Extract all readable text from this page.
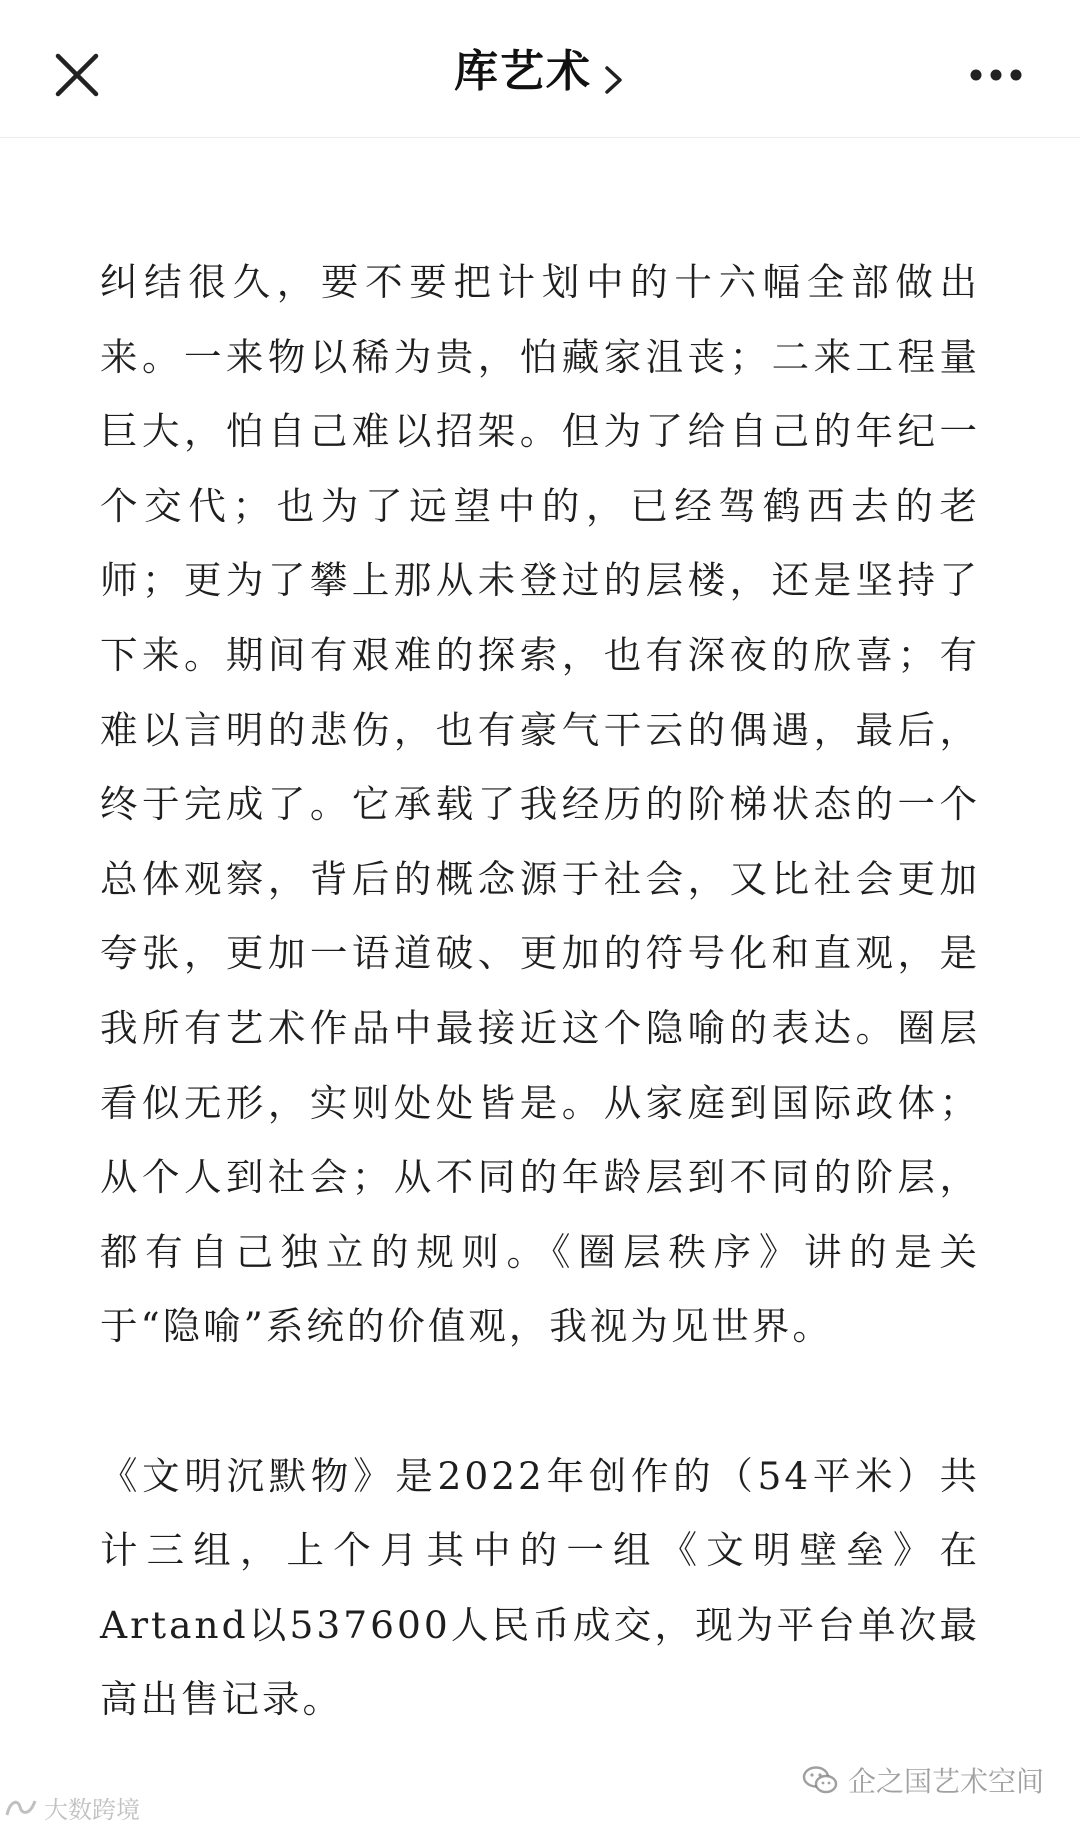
库艺术

纠结很久，要不要把计划中的十六幅全部做出来。一来物以稀为贵，怕藏家沮丧；二来工程量巨大，怕自己难以招架。但为了给自己的年纪一个交代；也为了远望中的，已经驾鹤西去的老师；更为了攀上那从未登过的层楼，还是坚持了下来。期间有艰难的探索，也有深夜的欣喜；有难以言明的悲伤，也有豪气干云的偶遇，最后，终于完成了。它承载了我经历的阶梯状态的一个总体观察，背后的概念源于社会，又比社会更加夸张，更加一语道破、更加的符号化和直观，是我所有艺术作品中最接近这个隐喻的表达。圈层看似无形，实则处处皆是。从家庭到国际政体；从个人到社会；从不同的年龄层到不同的阶层，都有自己独立的规则。《圈层秩序》讲的是关于“隐喻”系统的价值观，我视为见世界。

《文明沉默物》是2022年创作的（54平米）共计三组，上个月其中的一组《文明壁垒》在Artand以537600人民币成交，现为平台单次最高出售记录。

大数跨境
企之国艺术空间
